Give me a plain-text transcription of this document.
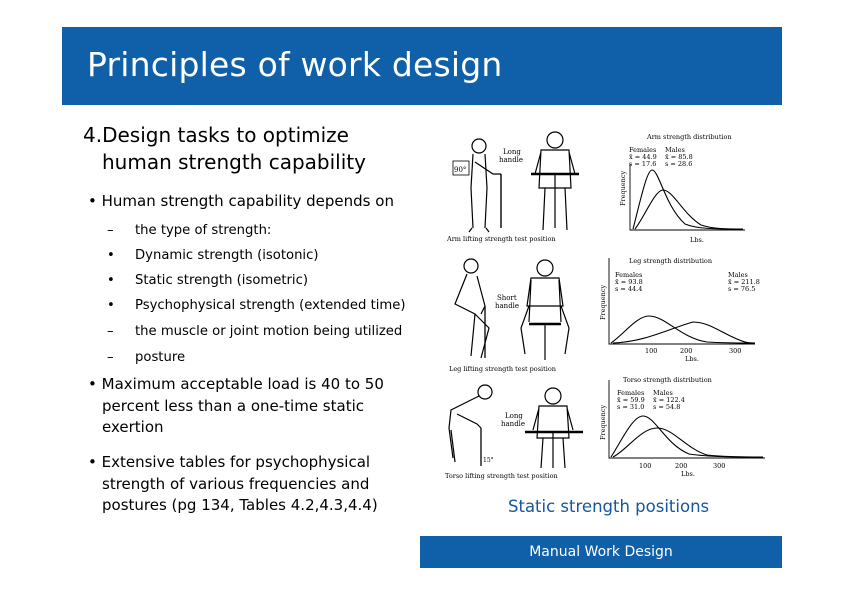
Principles of work design
4.Design tasks to optimize
human strength capability
• Human strength capability depends on
– the type of strength:
• Dynamic strength (isotonic)
• Static strength (isometric)
• Psychophysical strength (extended time)
– the muscle or joint motion being utilized
– posture
• Maximum acceptable load is 40 to 50
percent less than a one-time static
exertion
• Extensive tables for psychophysical
strength of various frequencies and
postures (pg 134, Tables 4.2,4.3,4.4)
90°
Long
handle
Arm lifting strength test position
Arm strength distribution
Females Males
x̄ = 44.9
s = 17.6
x̄ = 85.8
s = 28.6
Frequency
Lbs.
Short
handle
Leg lifting strength test position
Leg strength distribution
Females
x̄ = 93.8
s = 44.4
Males
x̄ = 211.8
s = 76.5
Frequency
100	200	300
Lbs.
15°
Long
handle
Torso lifting strength test position
Torso strength distribution
Females Males
x̄ = 59.9
s = 31.0
x̄ = 122.4
s = 54.8
Frequency
100	200	300
Lbs.
Static strength positions
Manual Work Design
